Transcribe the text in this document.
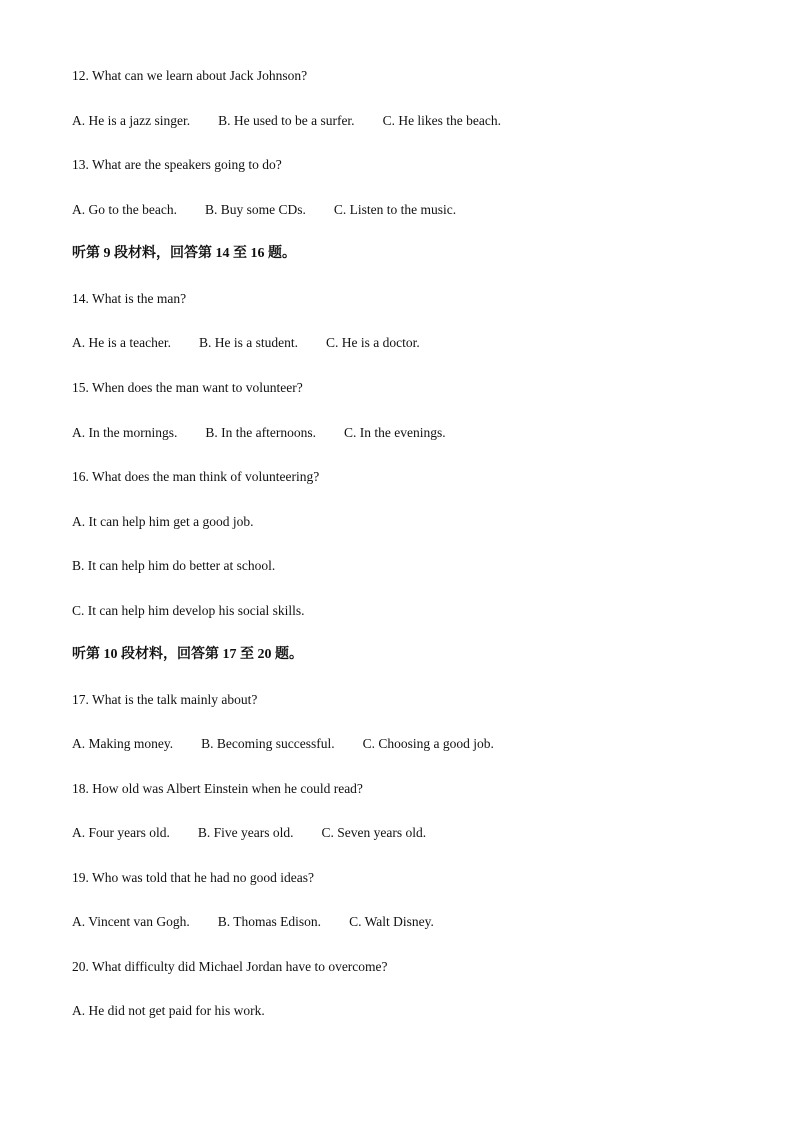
12. What can we learn about Jack Johnson?
A. He is a jazz singer. B. He used to be a surfer. C. He likes the beach.
13. What are the speakers going to do?
A. Go to the beach. B. Buy some CDs. C. Listen to the music.
听第 9 段材料，回答第 14 至 16 题。
14. What is the man?
A. He is a teacher. B. He is a student. C. He is a doctor.
15. When does the man want to volunteer?
A. In the mornings. B. In the afternoons. C. In the evenings.
16. What does the man think of volunteering?
A. It can help him get a good job.
B. It can help him do better at school.
C. It can help him develop his social skills.
听第 10 段材料，回答第 17 至 20 题。
17. What is the talk mainly about?
A. Making money. B. Becoming successful. C. Choosing a good job.
18. How old was Albert Einstein when he could read?
A. Four years old. B. Five years old. C. Seven years old.
19. Who was told that he had no good ideas?
A. Vincent van Gogh. B. Thomas Edison. C. Walt Disney.
20. What difficulty did Michael Jordan have to overcome?
A. He did not get paid for his work.
